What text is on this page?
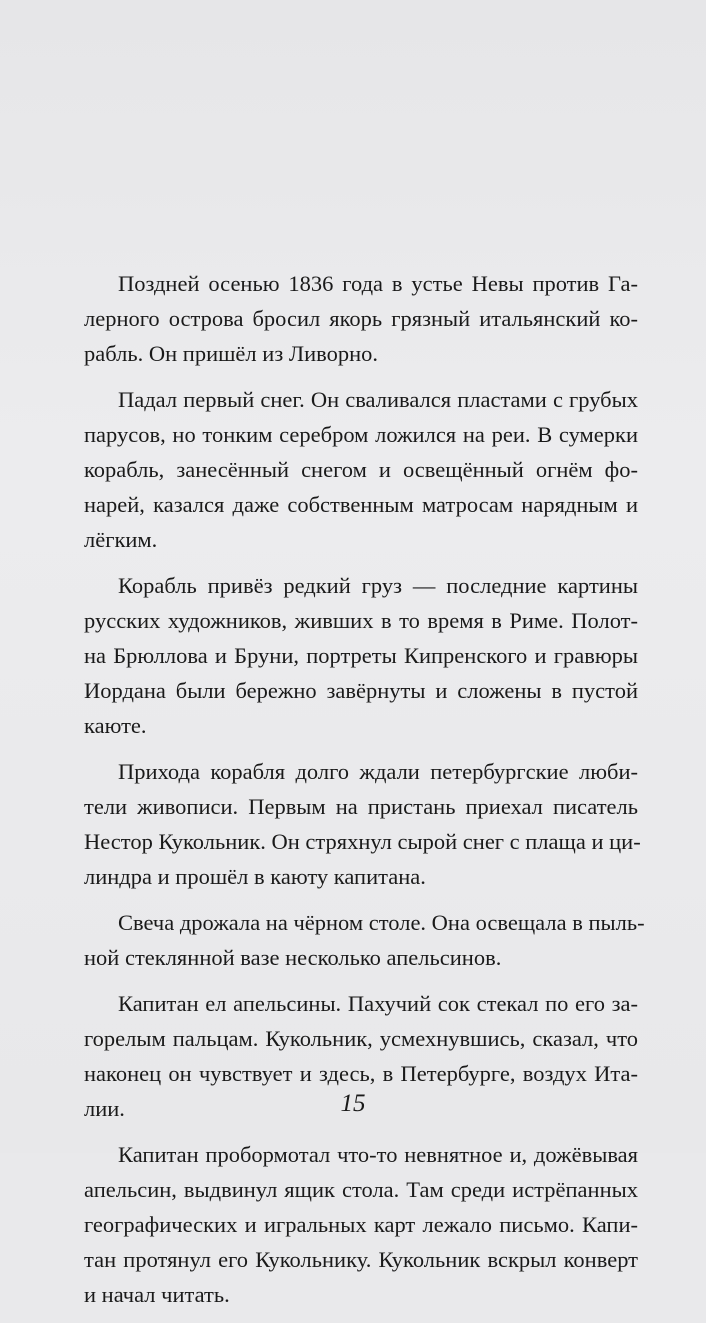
Поздней осенью 1836 года в устье Невы против Га-
лерного острова бросил якорь грязный итальянский ко-
рабль. Он пришёл из Ливорно.
Падал первый снег. Он сваливался пластами с грубых
парусов, но тонким серебром ложился на реи. В сумерки
корабль, занесённый снегом и освещённый огнём фо-
нарей, казался даже собственным матросам нарядным и
лёгким.
Корабль привёз редкий груз — последние картины
русских художников, живших в то время в Риме. Полот-
на Брюллова и Бруни, портреты Кипренского и гравюры
Иордана были бережно завёрнуты и сложены в пустой
каюте.
Прихода корабля долго ждали петербургские люби-
тели живописи. Первым на пристань приехал писатель
Нестор Кукольник. Он стряхнул сырой снег с плаща и ци-
линдра и прошёл в каюту капитана.
Свеча дрожала на чёрном столе. Она освещала в пыль-
ной стеклянной вазе несколько апельсинов.
Капитан ел апельсины. Пахучий сок стекал по его за-
горелым пальцам. Кукольник, усмехнувшись, сказал, что
наконец он чувствует и здесь, в Петербурге, воздух Ита-
лии.
Капитан пробормотал что-то невнятное и, дожёвывая
апельсин, выдвинул ящик стола. Там среди истрёпанных
географических и игральных карт лежало письмо. Капи-
тан протянул его Кукольнику. Кукольник вскрыл конверт
и начал читать.
15
